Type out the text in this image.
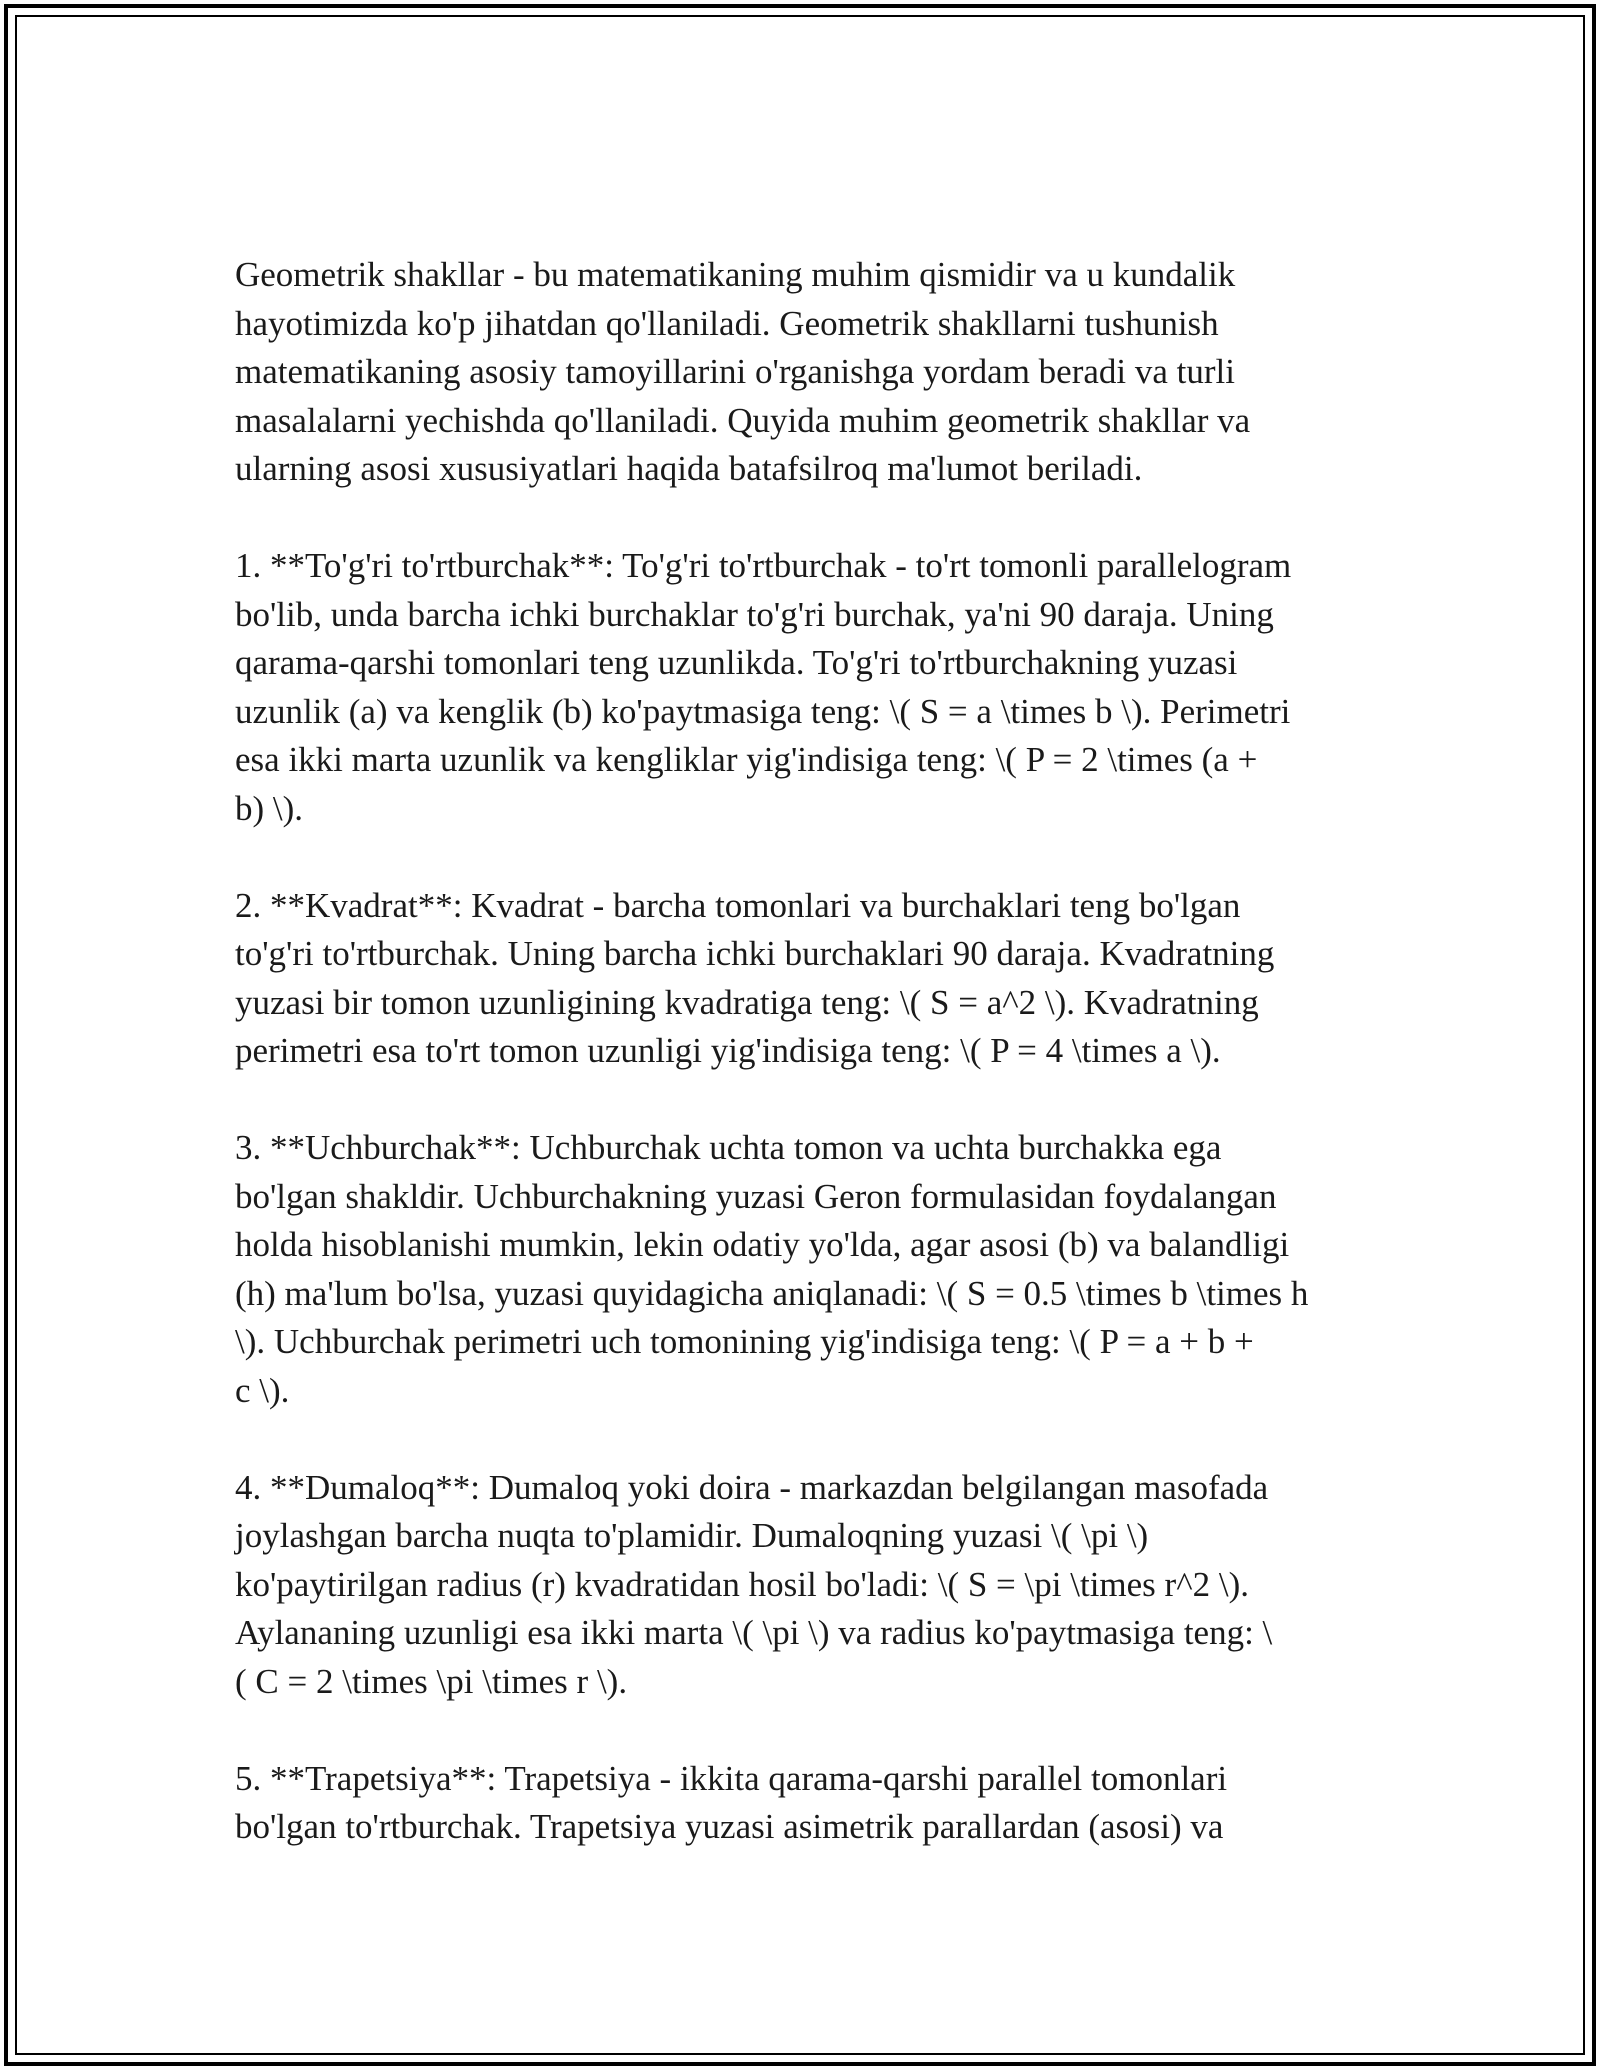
Geometrik shakllar - bu matematikaning muhim qismidir va u kundalik
hayotimizda ko'p jihatdan qo'llaniladi. Geometrik shakllarni tushunish
matematikaning asosiy tamoyillarini o'rganishga yordam beradi va turli
masalalarni yechishda qo'llaniladi. Quyida muhim geometrik shakllar va
ularning asosi xususiyatlari haqida batafsilroq ma'lumot beriladi.

1. **To'g'ri to'rtburchak**: To'g'ri to'rtburchak - to'rt tomonli parallelogram
bo'lib, unda barcha ichki burchaklar to'g'ri burchak, ya'ni 90 daraja. Uning
qarama-qarshi tomonlari teng uzunlikda. To'g'ri to'rtburchakning yuzasi
uzunlik (a) va kenglik (b) ko'paytmasiga teng: \( S = a \times b \). Perimetri
esa ikki marta uzunlik va kengliklar yig'indisiga teng: \( P = 2 \times (a +
b) \).

2. **Kvadrat**: Kvadrat - barcha tomonlari va burchaklari teng bo'lgan
to'g'ri to'rtburchak. Uning barcha ichki burchaklari 90 daraja. Kvadratning
yuzasi bir tomon uzunligining kvadratiga teng: \( S = a^2 \). Kvadratning
perimetri esa to'rt tomon uzunligi yig'indisiga teng: \( P = 4 \times a \).

3. **Uchburchak**: Uchburchak uchta tomon va uchta burchakka ega
bo'lgan shakldir. Uchburchakning yuzasi Geron formulasidan foydalangan
holda hisoblanishi mumkin, lekin odatiy yo'lda, agar asosi (b) va balandligi
(h) ma'lum bo'lsa, yuzasi quyidagicha aniqlanadi: \( S = 0.5 \times b \times h
\). Uchburchak perimetri uch tomonining yig'indisiga teng: \( P = a + b +
c \).

4. **Dumaloq**: Dumaloq yoki doira - markazdan belgilangan masofada
joylashgan barcha nuqta to'plamidir. Dumaloqning yuzasi \( \pi \)
ko'paytirilgan radius (r) kvadratidan hosil bo'ladi: \( S = \pi \times r^2 \).
Aylananing uzunligi esa ikki marta \( \pi \) va radius ko'paytmasiga teng: \
( C = 2 \times \pi \times r \).

5. **Trapetsiya**: Trapetsiya - ikkita qarama-qarshi parallel tomonlari
bo'lgan to'rtburchak. Trapetsiya yuzasi asimetrik parallardan (asosi) va
